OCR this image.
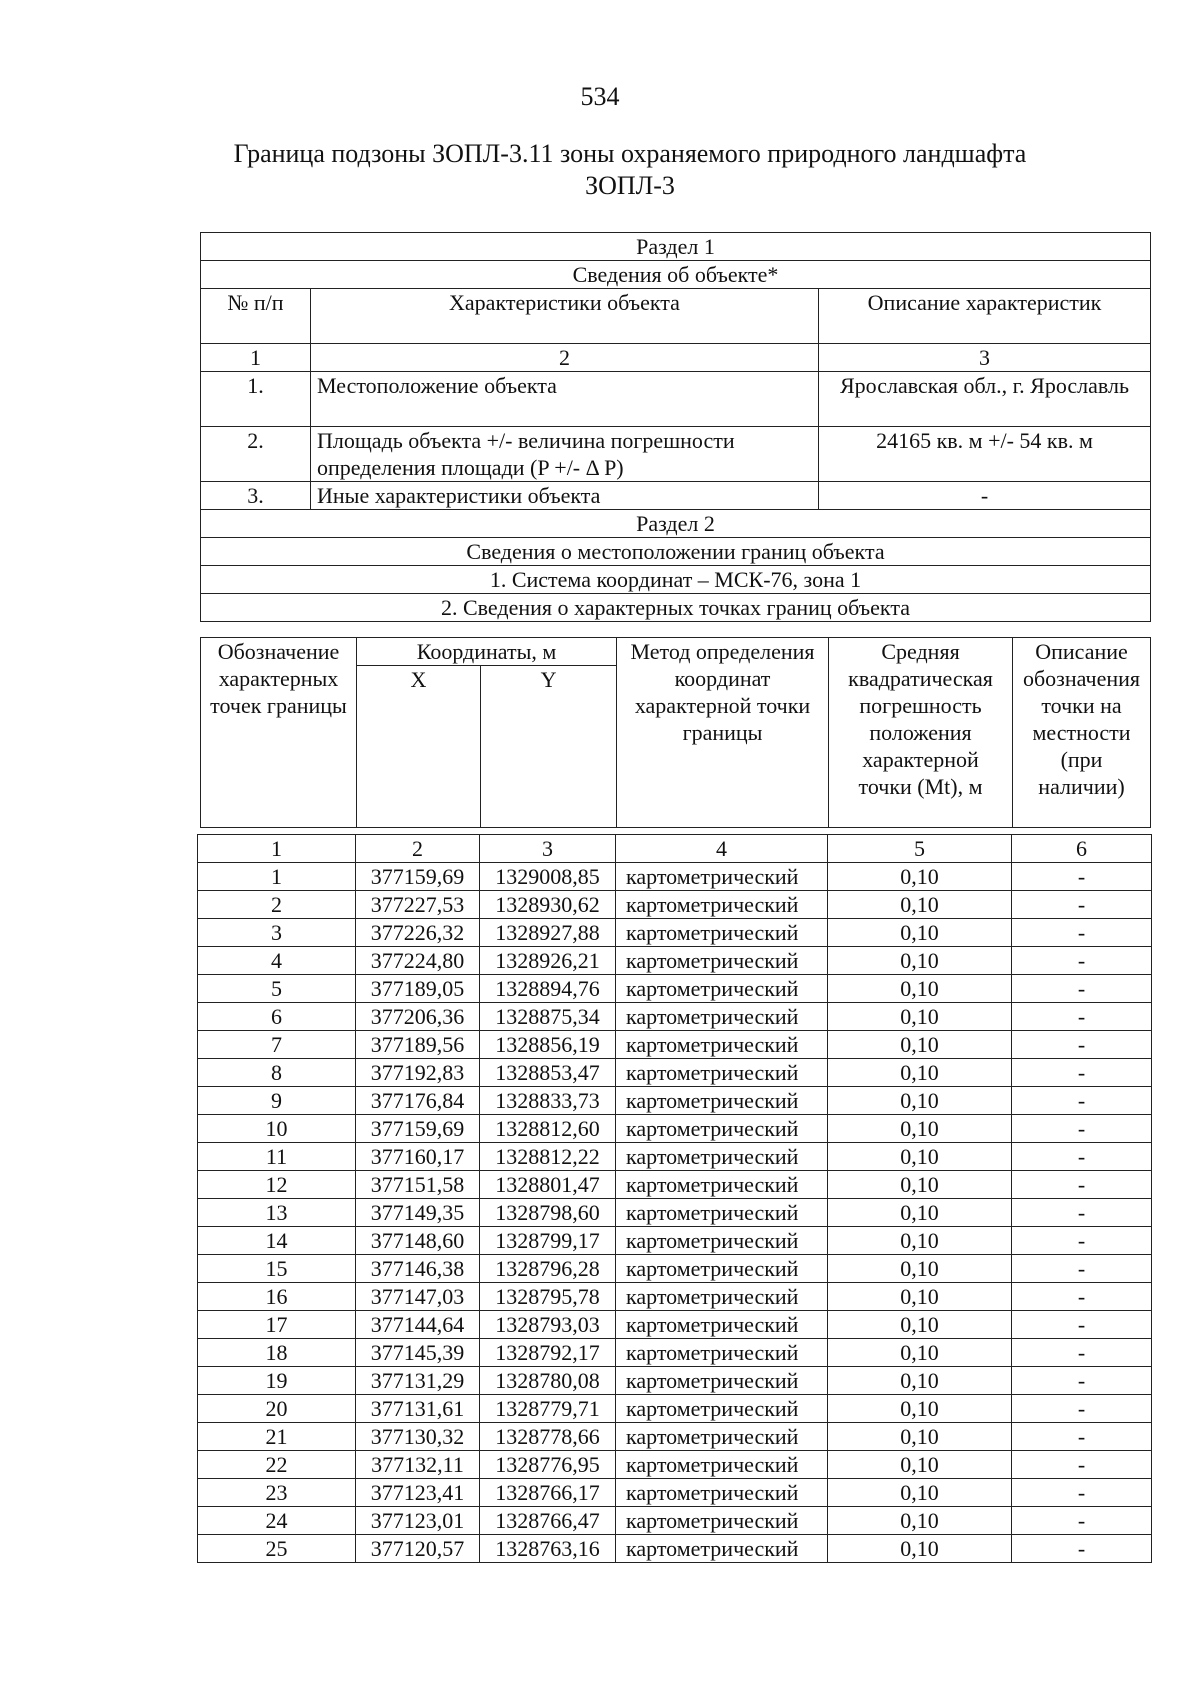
534
Граница подзоны ЗОПЛ-3.11 зоны охраняемого природного ландшафта
ЗОПЛ-3
Раздел 1		
Сведения об объекте*		
№ п/п	Характеристики объекта	Описание характеристик
1	2	3
1.	Местоположение объекта	Ярославская обл., г. Ярославль
2.	Площадь объекта +/- величина погрешности определения площади (P +/- Δ P)	24165 кв. м +/- 54 кв. м
3.	Иные характеристики объекта	-
Раздел 2		
Сведения о местоположении границ объекта		
1. Система координат – МСК-76, зона 1		
2. Сведения о характерных точках границ объекта		
Обозначение характерных точек границы	Координаты, м		Метод определения координат характерной точки границы	Средняя квадратическая погрешность положения характерной точки (Mt), м	Описание обозначения точки на местности (при наличии)
	X	Y			
1	2	3	4	5	6
1	377159,69	1329008,85	картометрический	0,10	-
2	377227,53	1328930,62	картометрический	0,10	-
3	377226,32	1328927,88	картометрический	0,10	-
4	377224,80	1328926,21	картометрический	0,10	-
5	377189,05	1328894,76	картометрический	0,10	-
6	377206,36	1328875,34	картометрический	0,10	-
7	377189,56	1328856,19	картометрический	0,10	-
8	377192,83	1328853,47	картометрический	0,10	-
9	377176,84	1328833,73	картометрический	0,10	-
10	377159,69	1328812,60	картометрический	0,10	-
11	377160,17	1328812,22	картометрический	0,10	-
12	377151,58	1328801,47	картометрический	0,10	-
13	377149,35	1328798,60	картометрический	0,10	-
14	377148,60	1328799,17	картометрический	0,10	-
15	377146,38	1328796,28	картометрический	0,10	-
16	377147,03	1328795,78	картометрический	0,10	-
17	377144,64	1328793,03	картометрический	0,10	-
18	377145,39	1328792,17	картометрический	0,10	-
19	377131,29	1328780,08	картометрический	0,10	-
20	377131,61	1328779,71	картометрический	0,10	-
21	377130,32	1328778,66	картометрический	0,10	-
22	377132,11	1328776,95	картометрический	0,10	-
23	377123,41	1328766,17	картометрический	0,10	-
24	377123,01	1328766,47	картометрический	0,10	-
25	377120,57	1328763,16	картометрический	0,10	-
